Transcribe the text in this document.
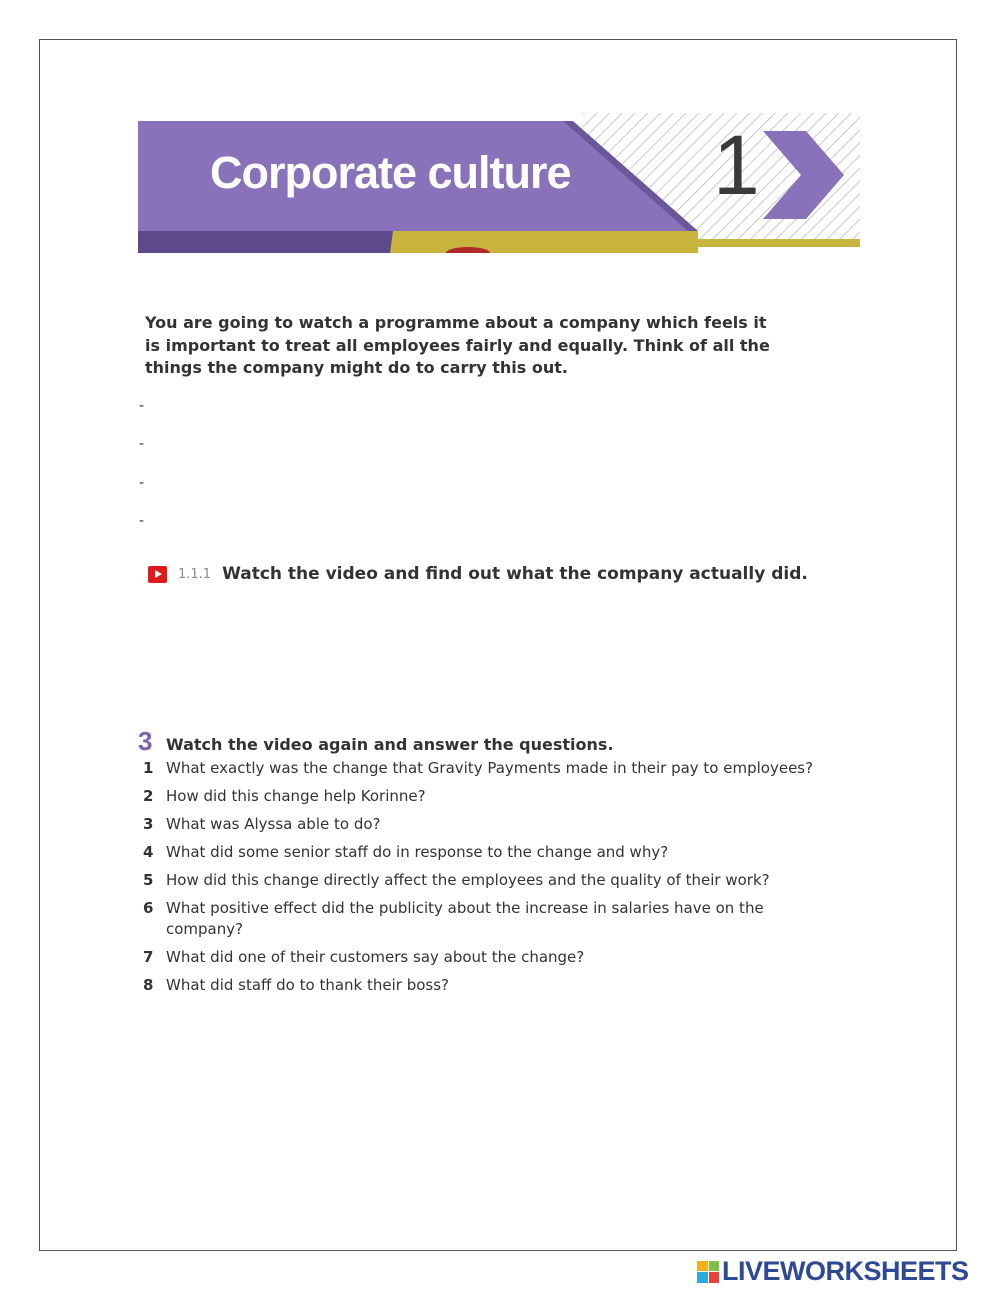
Corporate culture 1
You are going to watch a programme about a company which feels it is important to treat all employees fairly and equally. Think of all the things the company might do to carry this out.
-
-
-
-
1.1.1 Watch the video and find out what the company actually did.
3 Watch the video again and answer the questions.
1 What exactly was the change that Gravity Payments made in their pay to employees?
2 How did this change help Korinne?
3 What was Alyssa able to do?
4 What did some senior staff do in response to the change and why?
5 How did this change directly affect the employees and the quality of their work?
6 What positive effect did the publicity about the increase in salaries have on the company?
7 What did one of their customers say about the change?
8 What did staff do to thank their boss?
LIVEWORKSHEETS
